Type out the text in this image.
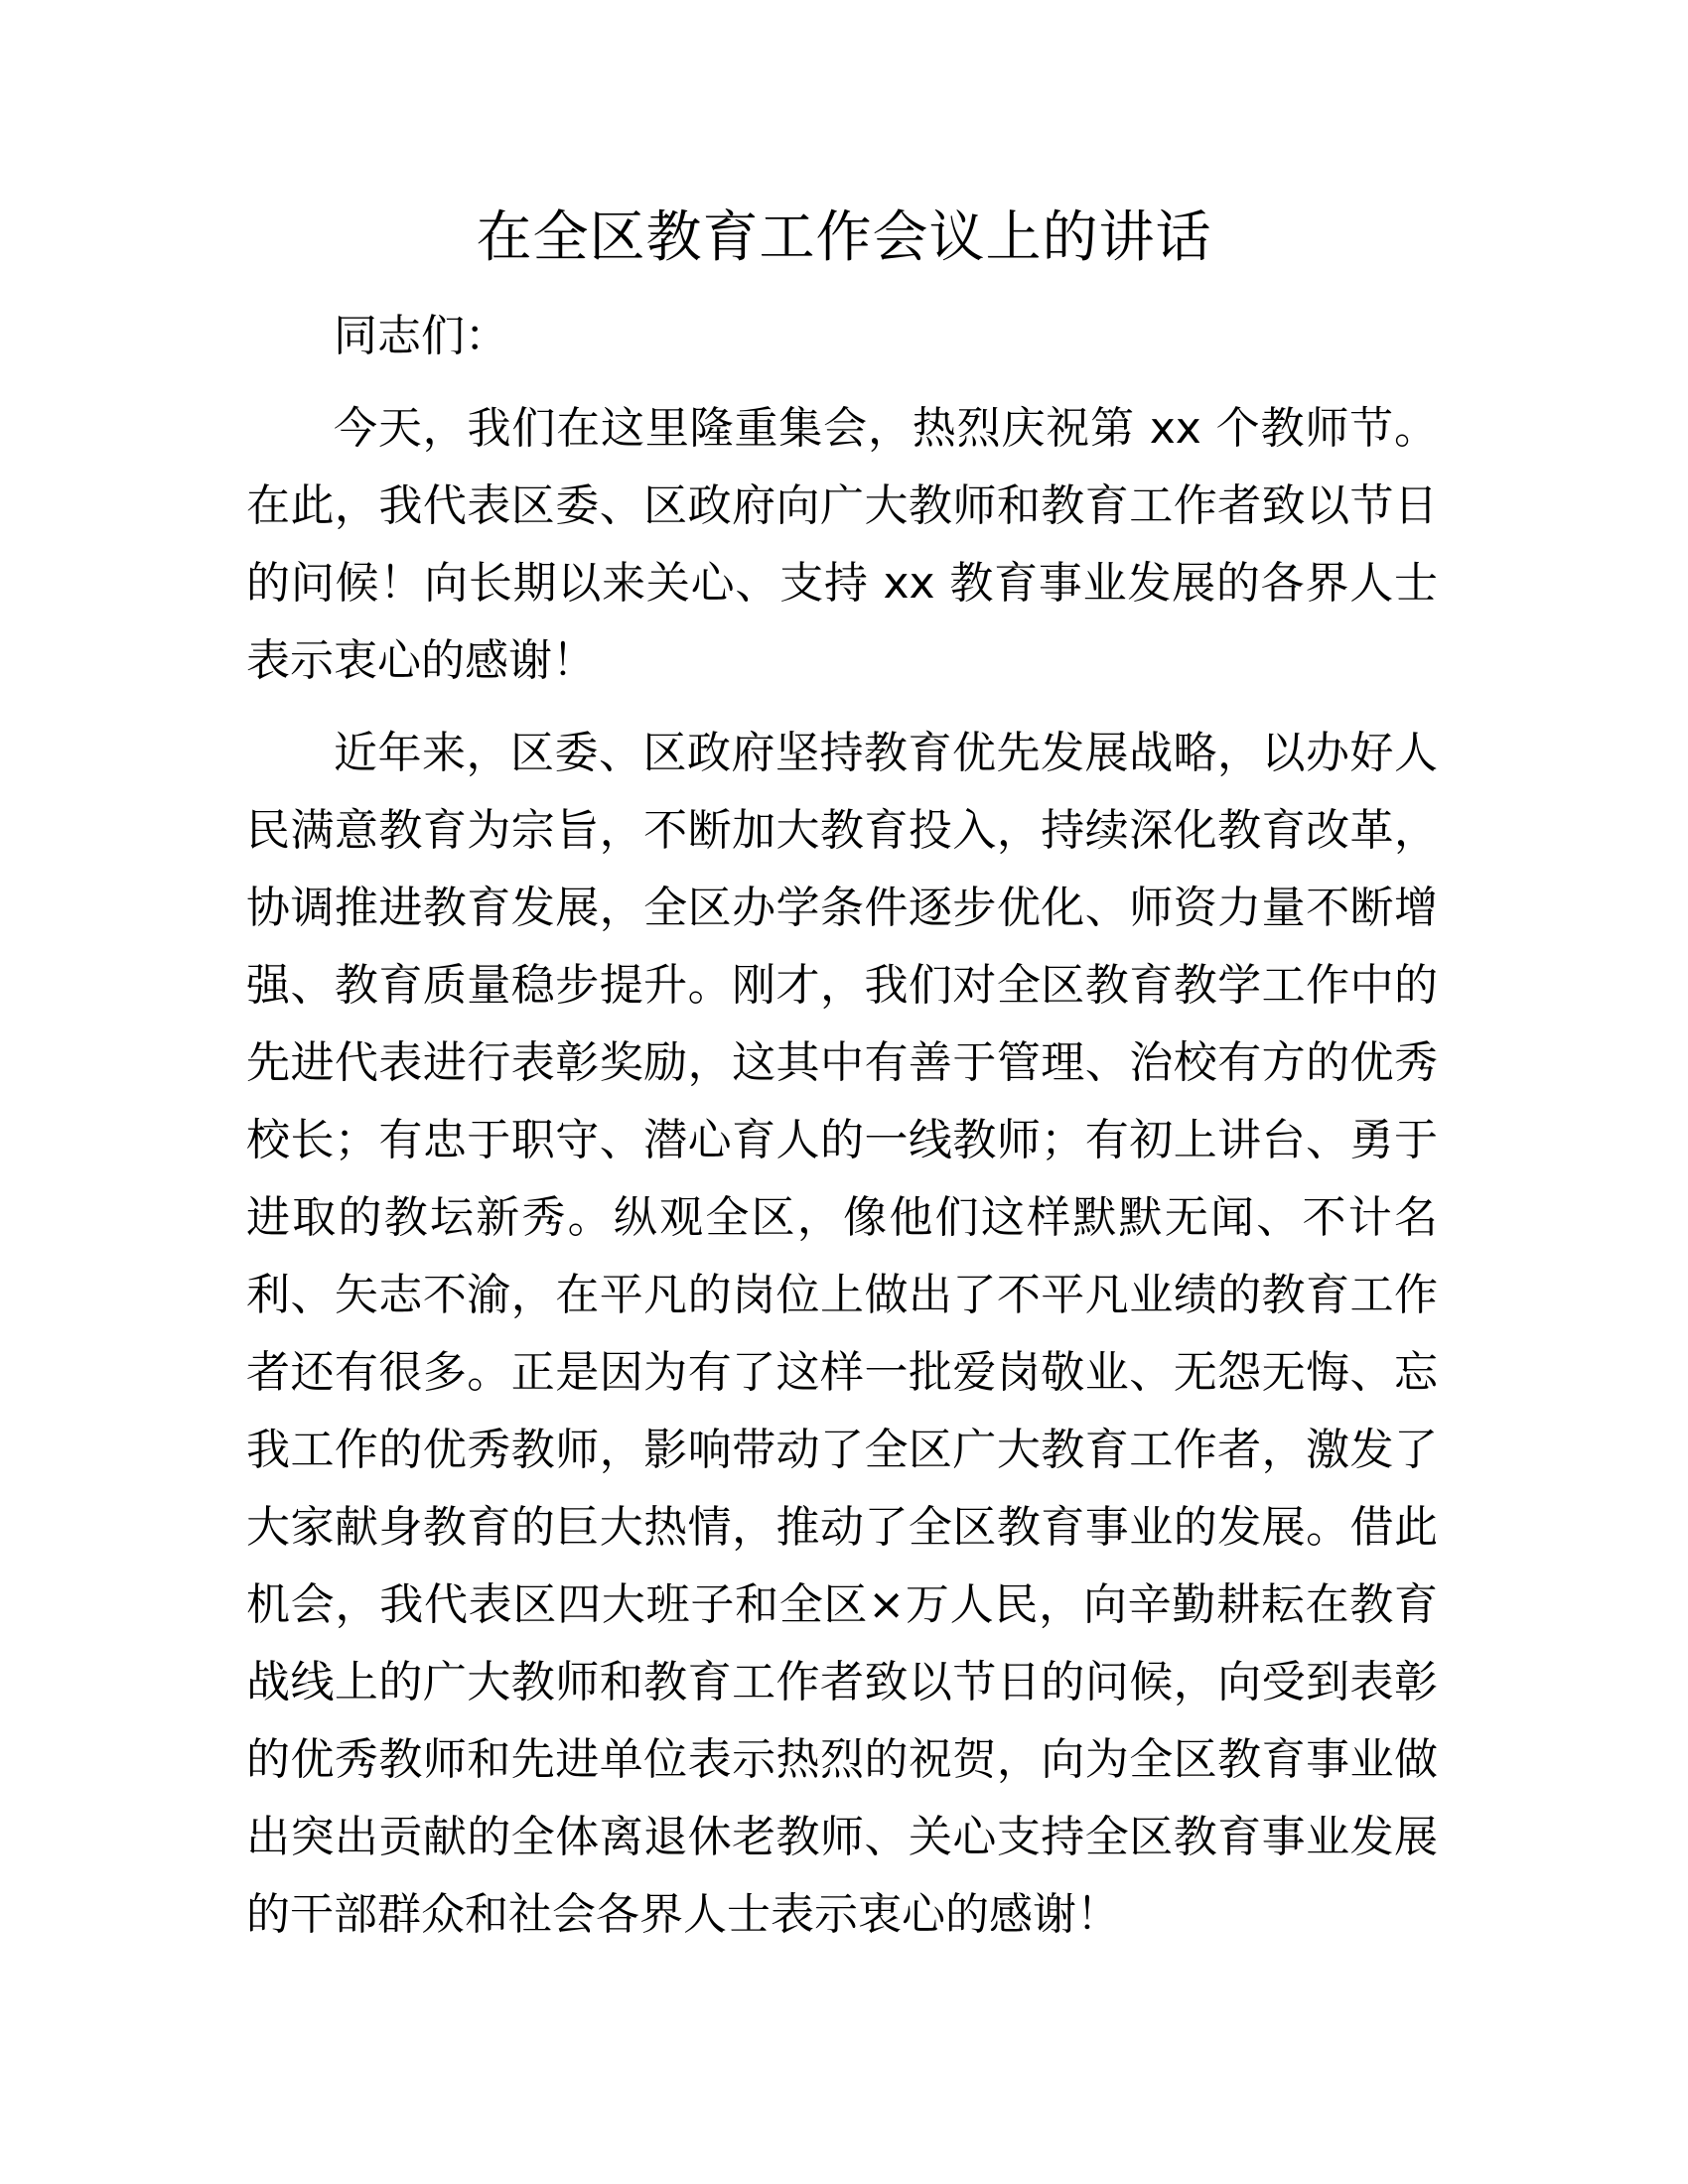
在全区教育工作会议上的讲话

同志们：

今天，我们在这里隆重集会，热烈庆祝第 xx 个教师节。在此，我代表区委、区政府向广大教师和教育工作者致以节日的问候！向长期以来关心、支持 xx 教育事业发展的各界人士表示衷心的感谢！

近年来，区委、区政府坚持教育优先发展战略，以办好人民满意教育为宗旨，不断加大教育投入，持续深化教育改革，协调推进教育发展，全区办学条件逐步优化、师资力量不断增强、教育质量稳步提升。刚才，我们对全区教育教学工作中的先进代表进行表彰奖励，这其中有善于管理、治校有方的优秀校长；有忠于职守、潜心育人的一线教师；有初上讲台、勇于进取的教坛新秀。纵观全区，像他们这样默默无闻、不计名利、矢志不渝，在平凡的岗位上做出了不平凡业绩的教育工作者还有很多。正是因为有了这样一批爱岗敬业、无怨无悔、忘我工作的优秀教师，影响带动了全区广大教育工作者，激发了大家献身教育的巨大热情，推动了全区教育事业的发展。借此机会，我代表区四大班子和全区×万人民，向辛勤耕耘在教育战线上的广大教师和教育工作者致以节日的问候，向受到表彰的优秀教师和先进单位表示热烈的祝贺，向为全区教育事业做出突出贡献的全体离退休老教师、关心支持全区教育事业发展的干部群众和社会各界人士表示衷心的感谢！
